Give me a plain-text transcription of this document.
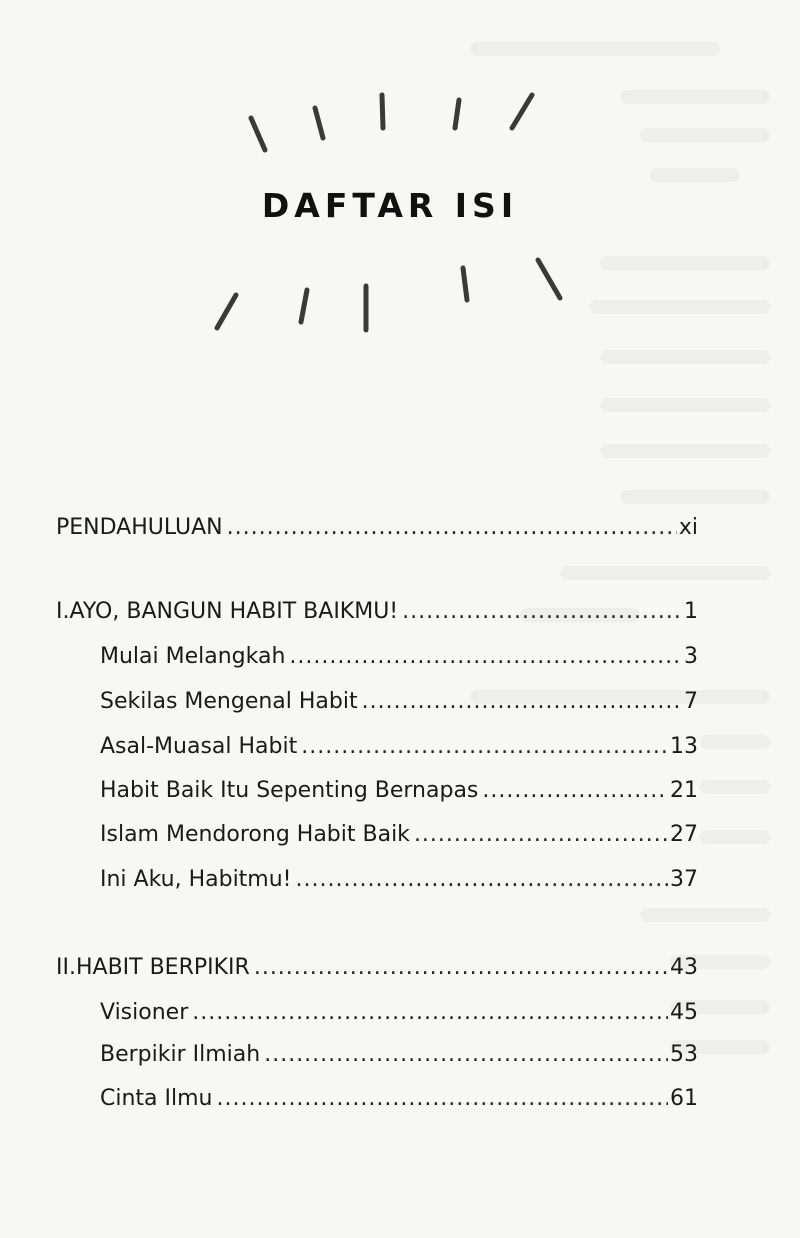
DAFTAR ISI
PENDAHULUAN .....	xi
I. AYO, BANGUN HABIT BAIKMU! .....	1
Mulai Melangkah .....	3
Sekilas Mengenal Habit .....	7
Asal-Muasal Habit .....	13
Habit Baik Itu Sepenting Bernapas .....	21
Islam Mendorong Habit Baik .....	27
Ini Aku, Habitmu! .....	37
II. HABIT BERPIKIR .....	43
Visioner .....	45
Berpikir Ilmiah .....	53
Cinta Ilmu .....	61
